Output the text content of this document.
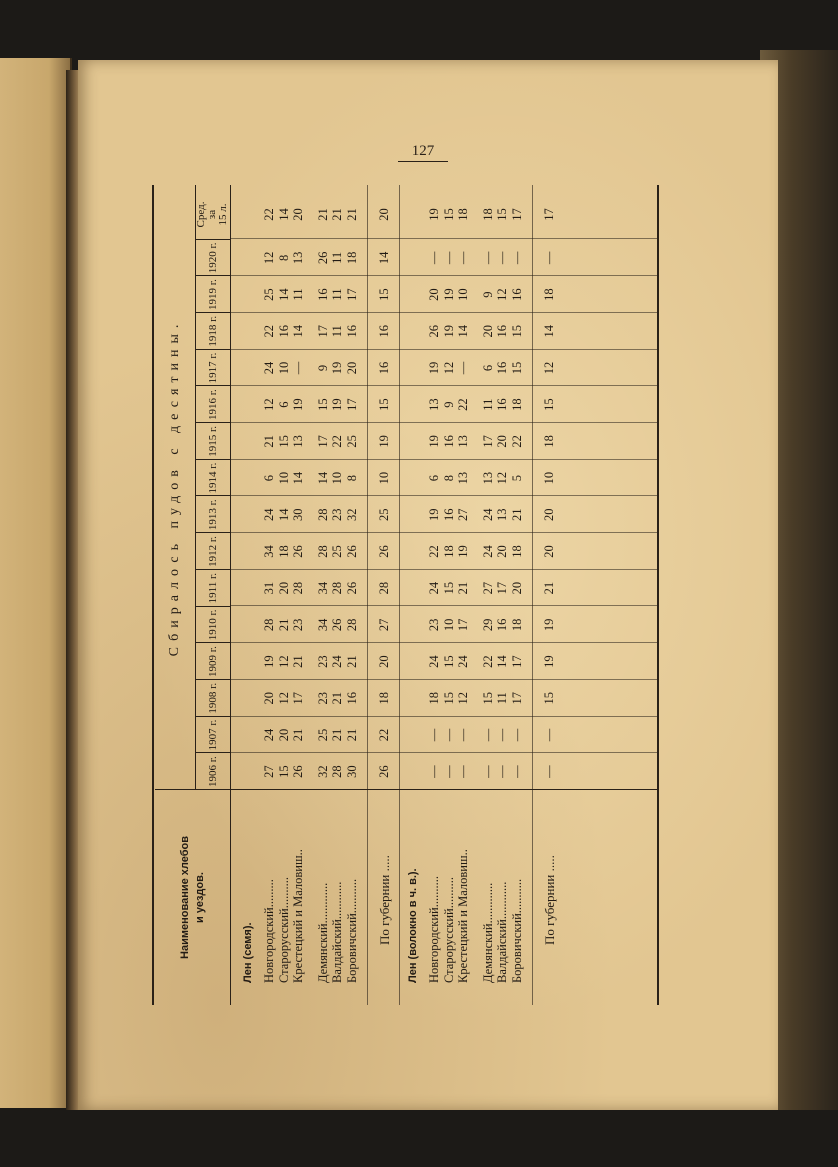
127
Наименование хлебов и уездов.
Сбиралось пудов с десятины.
1906 г.
1907 г.
1908 г.
1909 г.
1910 г.
1911 г.
1912 г.
1913 г.
1914 г.
1915 г.
1916 г.
1917 г.
1918 г.
1919 г.
1920 г.
Сред. за 15 л.
Лен (семя). Новгородский.........
27
24
20
19
28
31
34
24
6
21
12
24
22
25
12
22
Старорусский..........
15
20
12
12
21
20
18
14
10
15
6
10
16
14
8
14
Крестецкий и Маловиш..
26
21
17
21
23
28
26
30
14
13
19
—
14
11
13
20
Демянский.............
32
25
23
23
34
34
28
28
14
17
15
9
17
16
26
21
Валдайский............
28
21
21
24
26
28
25
23
10
22
19
19
11
11
11
21
Боровичский...........
30
21
16
21
28
26
26
32
8
25
17
20
16
17
18
21
По губернии .....
26
22
18
20
27
28
26
25
10
19
15
16
16
15
14
20
Лен (волокно в ч. в.). Новгородский..........
—
—
18
24
23
24
22
19
6
19
13
19
26
20
—
19
Старорусский..........
—
—
15
15
10
15
18
16
8
16
9
12
19
19
—
15
Крестецкий и Маловиш..
—
—
12
24
17
21
19
27
13
13
22
—
14
10
—
18
Демянский.............
—
—
15
22
29
27
24
24
13
17
11
6
20
9
—
18
Валдайский............
—
—
11
14
16
17
20
13
12
20
16
16
16
12
—
15
Боровичский...........
—
—
17
17
18
20
18
21
5
22
18
15
15
16
—
17
По губернии .....
—
—
15
19
19
21
20
20
10
18
15
12
14
18
—
17
